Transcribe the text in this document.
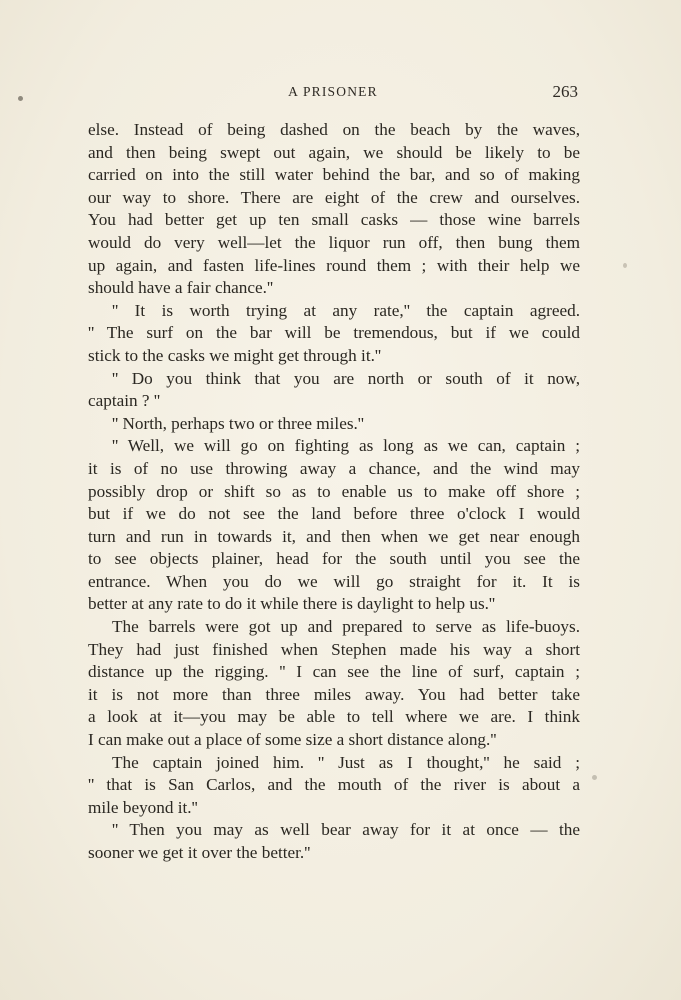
A PRISONER	263
else. Instead of being dashed on the beach by the waves,
and then being swept out again, we should be likely to be
carried on into the still water behind the bar, and so of making
our way to shore. There are eight of the crew and ourselves.
You had better get up ten small casks — those wine barrels
would do very well—let the liquor run off, then bung them
up again, and fasten life-lines round them ; with their help we
should have a fair chance.''
'' It is worth trying at any rate,'' the captain agreed.
'' The surf on the bar will be tremendous, but if we could
stick to the casks we might get through it.''
'' Do you think that you are north or south of it now,
captain ? ''
'' North, perhaps two or three miles.''
'' Well, we will go on fighting as long as we can, captain ;
it is of no use throwing away a chance, and the wind may
possibly drop or shift so as to enable us to make off shore ;
but if we do not see the land before three o'clock I would
turn and run in towards it, and then when we get near enough
to see objects plainer, head for the south until you see the
entrance. When you do we will go straight for it. It is
better at any rate to do it while there is daylight to help us.''
The barrels were got up and prepared to serve as life-buoys.
They had just finished when Stephen made his way a short
distance up the rigging. '' I can see the line of surf, captain ;
it is not more than three miles away. You had better take
a look at it—you may be able to tell where we are. I think
I can make out a place of some size a short distance along.''
The captain joined him. '' Just as I thought,'' he said ;
'' that is San Carlos, and the mouth of the river is about a
mile beyond it.''
'' Then you may as well bear away for it at once — the
sooner we get it over the better.''
